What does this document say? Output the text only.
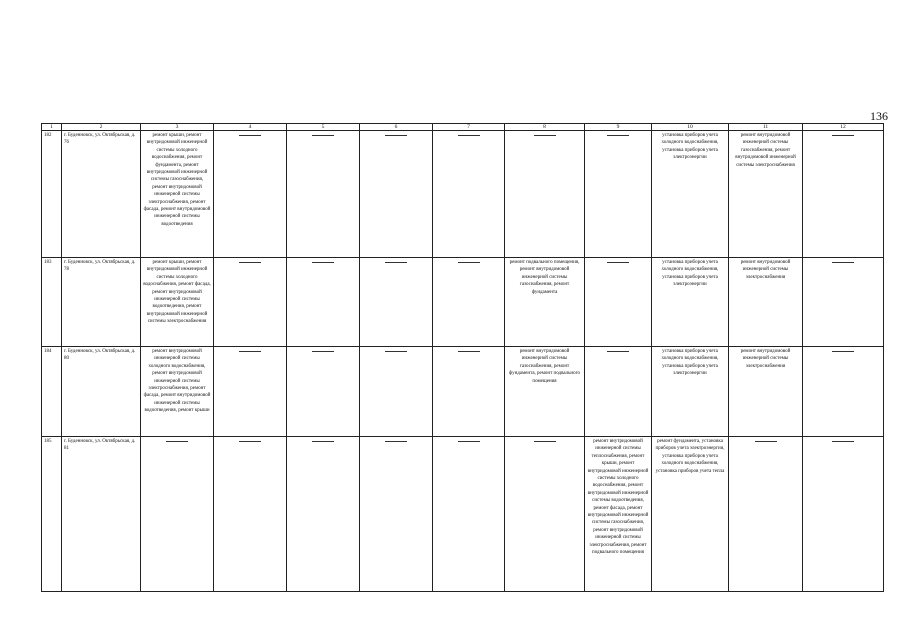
136
1	2	3	4	5	6	7	8	9	10	11	12
182	г. Буденновск, ул. Октябрьская, д. 76	ремонт крыши, ремонт внутридомовой инженерной системы холодного водоснабжения, ремонт фундамента, ремонт внутридомовой инженерной системы газоснабжения, ремонт внутридомовой инженерной системы электроснабжения, ремонт фасада, ремонт внутридомовой инженерной системы водоотведения							установка приборов учета холодного водоснабжения, установка приборов учета электроэнергии	ремонт внутридомовой инженерной системы газоснабжения, ремонт внутридомовой инженерной системы электроснабжения	

183	г. Буденновск, ул. Октябрьская, д. 78	ремонт крыши, ремонт внутридомовой инженерной системы холодного водоснабжения, ремонт фасада, ремонт внутридомовой инженерной системы водоотведения, ремонт внутридомовой инженерной системы электроснабжения					ремонт подвального помещения, ремонт внутридомовой инженерной системы газоснабжения, ремонт фундамента		установка приборов учета холодного водоснабжения, установка приборов учета электроэнергии	ремонт внутридомовой инженерной системы электроснабжения	

184	г. Буденновск, ул. Октябрьская, д. 80	ремонт внутридомовой инженерной системы холодного водоснабжения, ремонт внутридомовой инженерной системы электроснабжения, ремонт фасада, ремонт внутридомовой инженерной системы водоотведения, ремонт крыши					ремонт внутридомовой инженерной системы газоснабжения, ремонт фундамента, ремонт подвального помещения		установка приборов учета холодного водоснабжения, установка приборов учета электроэнергии	ремонт внутридомовой инженерной системы электроснабжения	

185	г. Буденновск, ул. Октябрьская, д. 81							ремонт внутридомовой инженерной системы теплоснабжения, ремонт крыши, ремонт внутридомовой инженерной системы холодного водоснабжения, ремонт внутридомовой инженерной системы водоотведения, ремонт фасада, ремонт внутридомовой инженерной системы газоснабжения, ремонт внутридомовой инженерной системы электроснабжения, ремонт подвального помещения	ремонт фундамента, установка приборов учета электроэнергии, установка приборов учета холодного водоснабжения, установка приборов учета тепла	
